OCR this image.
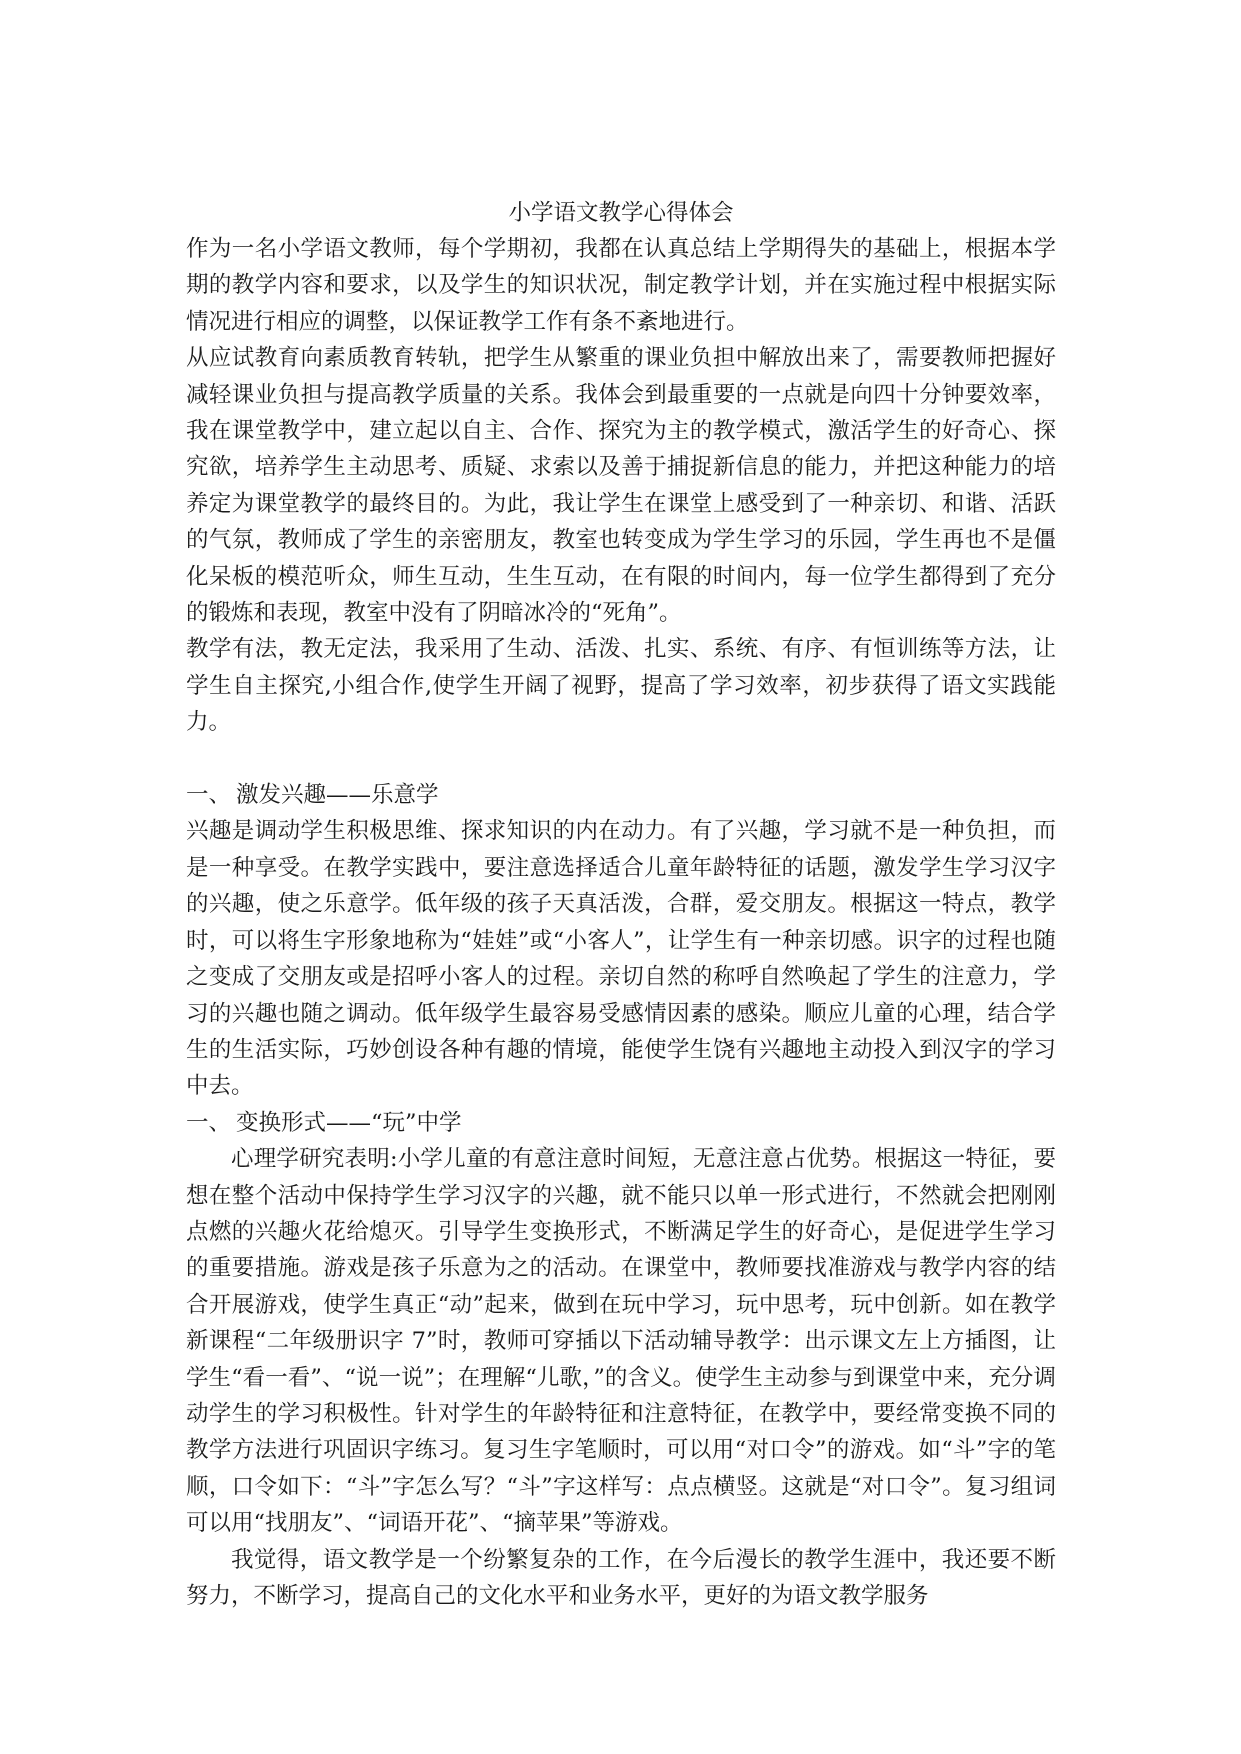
小学语文教学心得体会

作为一名小学语文教师，每个学期初，我都在认真总结上学期得失的基础上，根据本学期的教学内容和要求，以及学生的知识状况，制定教学计划，并在实施过程中根据实际情况进行相应的调整，以保证教学工作有条不紊地进行。

从应试教育向素质教育转轨，把学生从繁重的课业负担中解放出来了，需要教师把握好减轻课业负担与提高教学质量的关系。我体会到最重要的一点就是向四十分钟要效率，我在课堂教学中，建立起以自主、合作、探究为主的教学模式，激活学生的好奇心、探究欲，培养学生主动思考、质疑、求索以及善于捕捉新信息的能力，并把这种能力的培养定为课堂教学的最终目的。为此，我让学生在课堂上感受到了一种亲切、和谐、活跃的气氛，教师成了学生的亲密朋友，教室也转变成为学生学习的乐园，学生再也不是僵化呆板的模范听众，师生互动，生生互动，在有限的时间内，每一位学生都得到了充分的锻炼和表现，教室中没有了阴暗冰冷的“死角”。

教学有法，教无定法，我采用了生动、活泼、扎实、系统、有序、有恒训练等方法，让学生自主探究,小组合作,使学生开阔了视野，提高了学习效率，初步获得了语文实践能力。

一、 激发兴趣——乐意学

兴趣是调动学生积极思维、探求知识的内在动力。有了兴趣，学习就不是一种负担，而是一种享受。在教学实践中，要注意选择适合儿童年龄特征的话题，激发学生学习汉字的兴趣，使之乐意学。低年级的孩子天真活泼，合群，爱交朋友。根据这一特点，教学时，可以将生字形象地称为“娃娃”或“小客人”，让学生有一种亲切感。识字的过程也随之变成了交朋友或是招呼小客人的过程。亲切自然的称呼自然唤起了学生的注意力，学习的兴趣也随之调动。低年级学生最容易受感情因素的感染。顺应儿童的心理，结合学生的生活实际，巧妙创设各种有趣的情境，能使学生饶有兴趣地主动投入到汉字的学习中去。

一、 变换形式——“玩”中学

心理学研究表明:小学儿童的有意注意时间短，无意注意占优势。根据这一特征，要想在整个活动中保持学生学习汉字的兴趣，就不能只以单一形式进行，不然就会把刚刚点燃的兴趣火花给熄灭。引导学生变换形式，不断满足学生的好奇心，是促进学生学习的重要措施。游戏是孩子乐意为之的活动。在课堂中，教师要找准游戏与教学内容的结合开展游戏，使学生真正“动”起来，做到在玩中学习，玩中思考，玩中创新。如在教学新课程“二年级册识字 7”时，教师可穿插以下活动辅导教学：出示课文左上方插图，让学生“看一看”、“说一说”；在理解“儿歌，”的含义。使学生主动参与到课堂中来，充分调动学生的学习积极性。针对学生的年龄特征和注意特征，在教学中，要经常变换不同的教学方法进行巩固识字练习。复习生字笔顺时，可以用“对口令”的游戏。如“斗”字的笔顺，口令如下：“斗”字怎么写？“斗”字这样写：点点横竖。这就是“对口令”。复习组词可以用“找朋友”、“词语开花”、“摘苹果”等游戏。

我觉得，语文教学是一个纷繁复杂的工作，在今后漫长的教学生涯中，我还要不断努力，不断学习，提高自己的文化水平和业务水平，更好的为语文教学服务
